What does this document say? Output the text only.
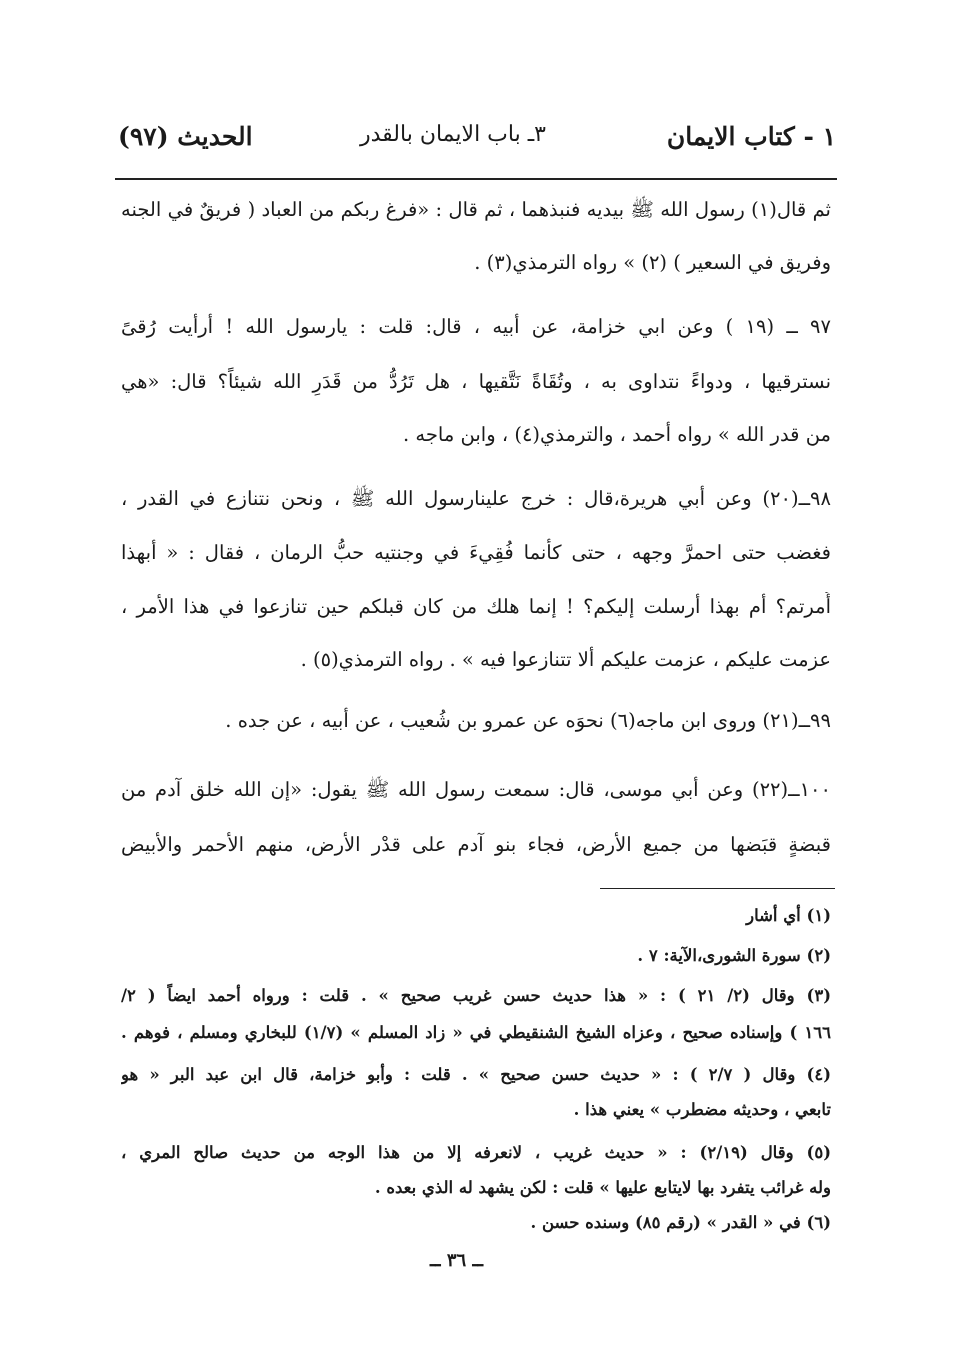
١ - كتاب الايمان
٣ـ باب الايمان بالقدر
الحديث (٩٧)
ثم قال(١) رسول الله ﷺ بيديه فنبذهما ، ثم قال : «فرغ ربكم من العباد ( فريقٌ في الجنه
وفريق في السعير ) (٢) » رواه الترمذي(٣) .
٩٧ ــ (١٩ ) وعن ابي خزامة، عن أبيه ، قال: قلت : يارسول الله ! أرأيت رُقىً
نسترقيها ، ودواءً نتداوى به ، وتُقَاةً نَتَّقيها ، هل تَرُدُّ من قَدَرِ الله شيئاً؟ قال: «هي
من قدر الله » رواه أحمد ، والترمذي(٤) ، وابن ماجه .
٩٨ــ(٢٠) وعن أبي هريرة،قال : خرج علينارسول الله ﷺ ، ونحن نتنازع في القدر ،
فغضب حتى احمرَّ وجهه ، حتى كأنما فُقِيءَ في وجنتيه حبُّ الرمان ، فقال : « أبهذا
أُمرتم؟ أم بهذا أرسلت إليكم؟ ! إنما هلك من كان قبلكم حين تنازعوا في هذا الأمر ،
عزمت عليكم ، عزمت عليكم ألا تتنازعوا فيه » . رواه الترمذي(٥) .
٩٩ــ(٢١) وروى ابن ماجه(٦) نحوَه عن عمرو بن شُعيب ، عن أبيه ، عن جده .
١٠٠ــ(٢٢) وعن أبي موسى، قال: سمعت رسول الله ﷺ يقول: «إن الله خلق آدم من
قبضةٍ قبَضها من جميع الأرض، فجاء بنو آدم على قدْر الأرض، منهم الأحمر والأبيض
(١) أي أشار
(٢) سورة الشورى،الآية: ٧ .
(٣) وقال (٢/ ٢١ ) : « هذا حديث حسن غريب صحيح » . قلت : ورواه أحمد ايضاً ( ٢/
١٦٦ ) وإسناده صحيح ، وعزاه الشيخ الشنقيطي في « زاد المسلم » (١/٧) للبخاري ومسلم ، فوهم .
(٤) وقال ( ٢/٧ ) : « حديث حسن صحيح » . قلت : وأبو خزامة، قال ابن عبد البر « هو
تابعي ، وحديثه مضطرب » يعني هذا .
(٥) وقال (٢/١٩) : « حديث غريب ، لانعرفه إلا من هذا الوجه من حديث صالح المري ،
وله غرائب يتفرد بها لايتابع عليها » قلت : لكن يشهد له الذي بعده .
(٦) في « القدر » (رقم ٨٥) وسنده حسن .
ــ ٣٦ ــ
